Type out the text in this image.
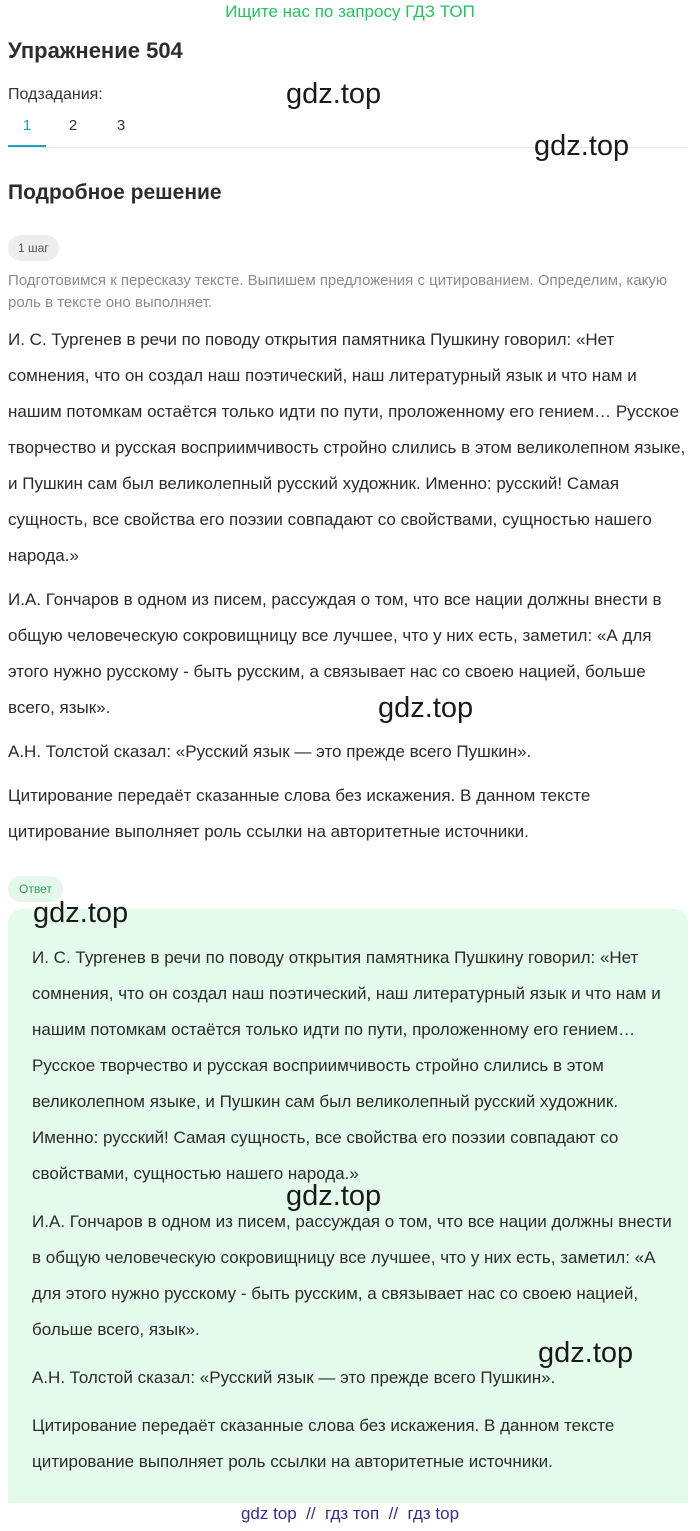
Ищите нас по запросу ГДЗ ТОП
Упражнение 504
Подзадания:
1	2	3
gdz.top
gdz.top
Подробное решение
1 шаг
Подготовимся к пересказу тексте. Выпишем предложения с цитированием. Определим, какую роль в тексте оно выполняет.

И. С. Тургенев в речи по поводу открытия памятника Пушкину говорил: «Нет сомнения, что он создал наш поэтический, наш литературный язык и что нам и нашим потомкам остаётся только идти по пути, проложенному его гением… Русское творчество и русская восприимчивость стройно слились в этом великолепном языке, и Пушкин сам был великолепный русский художник. Именно: русский! Самая сущность, все свойства его поэзии совпадают со свойствами, сущностью нашего народа.»

И.А. Гончаров в одном из писем, рассуждая о том, что все нации должны внести в общую человеческую сокровищницу все лучшее, что у них есть, заметил: «А для этого нужно русскому - быть русским, а связывает нас со своею нацией, больше всего, язык».

А.Н. Толстой сказал: «Русский язык — это прежде всего Пушкин».

Цитирование передаёт сказанные слова без искажения. В данном тексте цитирование выполняет роль ссылки на авторитетные источники.

gdz.top
Ответ

И. С. Тургенев в речи по поводу открытия памятника Пушкину говорил: «Нет сомнения, что он создал наш поэтический, наш литературный язык и что нам и нашим потомкам остаётся только идти по пути, проложенному его гением… Русское творчество и русская восприимчивость стройно слились в этом великолепном языке, и Пушкин сам был великолепный русский художник. Именно: русский! Самая сущность, все свойства его поэзии совпадают со свойствами, сущностью нашего народа.»

И.А. Гончаров в одном из писем, рассуждая о том, что все нации должны внести в общую человеческую сокровищницу все лучшее, что у них есть, заметил: «А для этого нужно русскому - быть русским, а связывает нас со своею нацией, больше всего, язык».

А.Н. Толстой сказал: «Русский язык — это прежде всего Пушкин».

Цитирование передаёт сказанные слова без искажения. В данном тексте цитирование выполняет роль ссылки на авторитетные источники.

gdz.top
gdz.top
gdz.top
gdz top  //  гдз топ  //  гдз top
